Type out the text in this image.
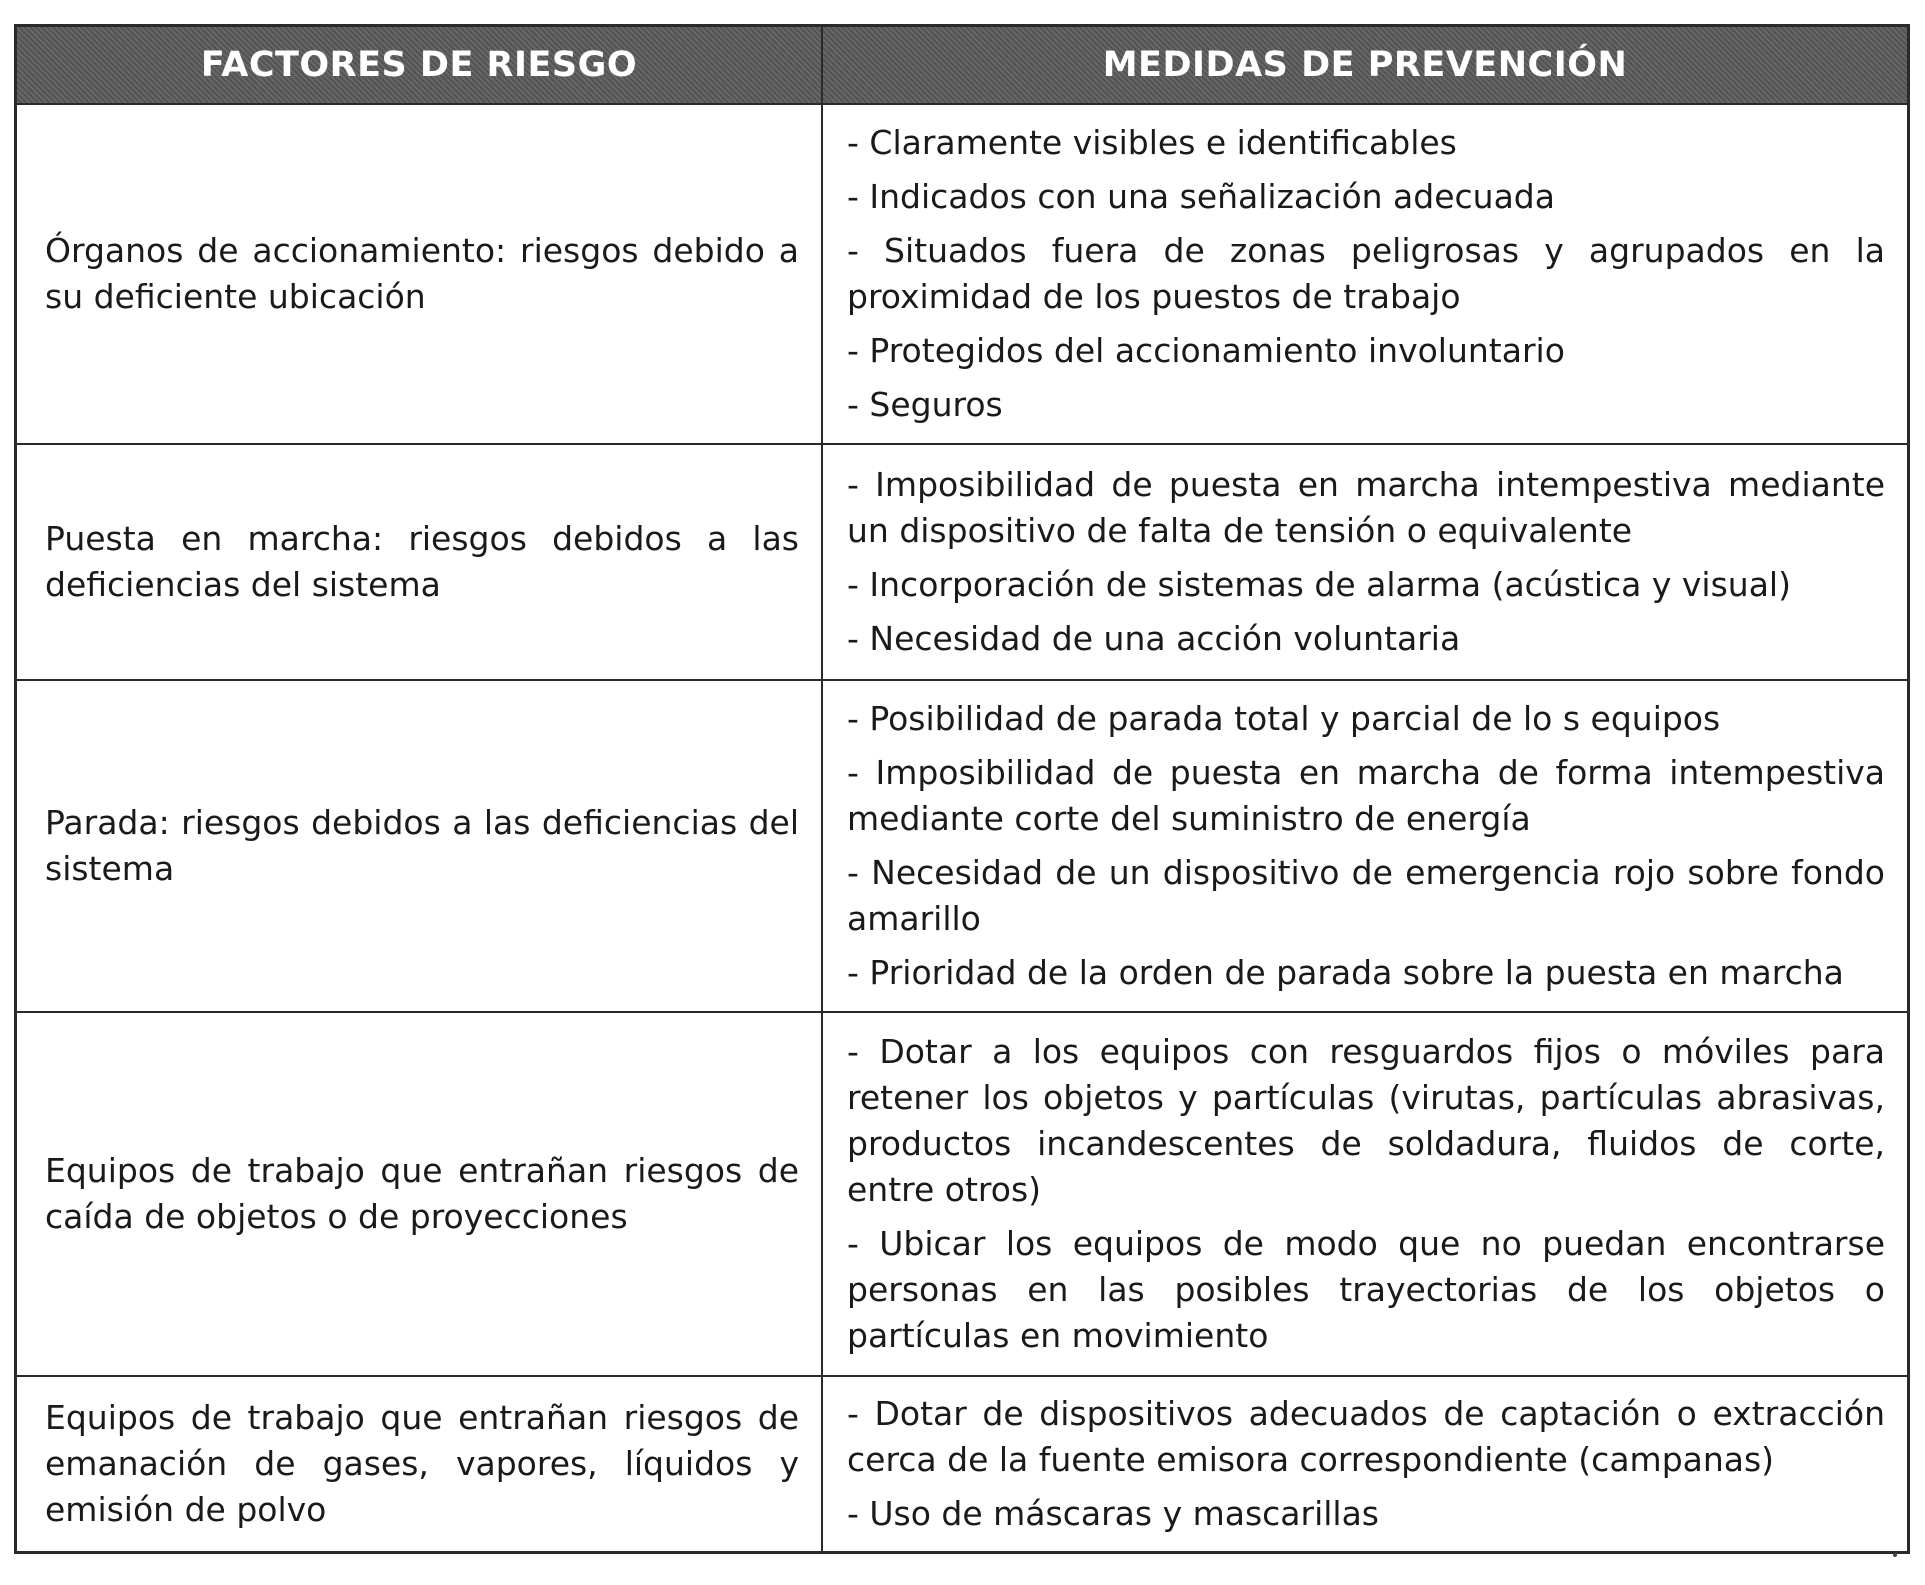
FACTORES DE RIESGO	MEDIDAS DE PREVENCIÓN
Órganos de accionamiento: riesgos debido a su deficiente ubicación
- Claramente visibles e identificables
- Indicados con una señalización adecuada
- Situados fuera de zonas peligrosas y agrupados en la proximidad de los puestos de trabajo
- Protegidos del accionamiento involuntario
- Seguros
Puesta en marcha: riesgos debidos a las deficiencias del sistema
- Imposibilidad de puesta en marcha intempestiva mediante un dispositivo de falta de tensión o equivalente
- Incorporación de sistemas de alarma (acústica y visual)
- Necesidad de una acción voluntaria
Parada: riesgos debidos a las deficiencias del sistema
- Posibilidad de parada total y parcial de lo s equipos
- Imposibilidad de puesta en marcha de forma intempestiva mediante corte del suministro de energía
- Necesidad de un dispositivo de emergencia rojo sobre fondo amarillo
- Prioridad de la orden de parada sobre la puesta en marcha
Equipos de trabajo que entrañan riesgos de caída de objetos o de proyecciones
- Dotar a los equipos con resguardos fijos o móviles para retener los objetos y partículas (virutas, partículas abrasivas, productos incandescentes de soldadura, fluidos de corte, entre otros)
- Ubicar los equipos de modo que no puedan encontrarse personas en las posibles trayectorias de los objetos o partículas en movimiento
Equipos de trabajo que entrañan riesgos de emanación de gases, vapores, líquidos y emisión de polvo
- Dotar de dispositivos adecuados de captación o extracción cerca de la fuente emisora correspondiente (campanas)
- Uso de máscaras y mascarillas
